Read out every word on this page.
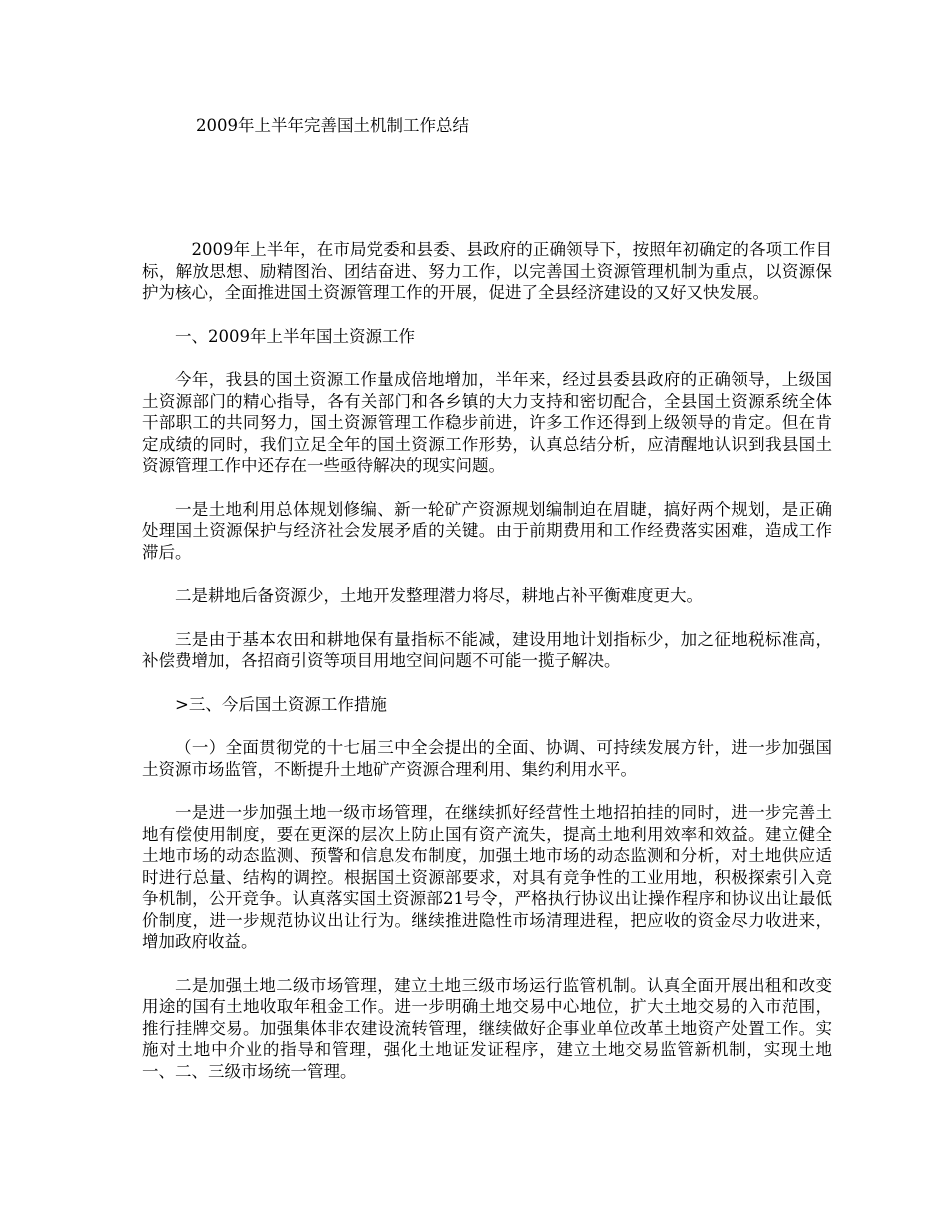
2009年上半年完善国土机制工作总结

2009年上半年，在市局党委和县委、县政府的正确领导下，按照年初确定的各项工作目标，解放思想、励精图治、团结奋进、努力工作，以完善国土资源管理机制为重点，以资源保护为核心，全面推进国土资源管理工作的开展，促进了全县经济建设的又好又快发展。

一、2009年上半年国土资源工作

今年，我县的国土资源工作量成倍地增加，半年来，经过县委县政府的正确领导，上级国土资源部门的精心指导，各有关部门和各乡镇的大力支持和密切配合，全县国土资源系统全体干部职工的共同努力，国土资源管理工作稳步前进，许多工作还得到上级领导的肯定。但在肯定成绩的同时，我们立足全年的国土资源工作形势，认真总结分析，应清醒地认识到我县国土资源管理工作中还存在一些亟待解决的现实问题。

一是土地利用总体规划修编、新一轮矿产资源规划编制迫在眉睫，搞好两个规划，是正确处理国土资源保护与经济社会发展矛盾的关键。由于前期费用和工作经费落实困难，造成工作滞后。

二是耕地后备资源少，土地开发整理潜力将尽，耕地占补平衡难度更大。

三是由于基本农田和耕地保有量指标不能减，建设用地计划指标少，加之征地税标准高，补偿费增加，各招商引资等项目用地空间问题不可能一揽子解决。

>三、今后国土资源工作措施

（一）全面贯彻党的十七届三中全会提出的全面、协调、可持续发展方针，进一步加强国土资源市场监管，不断提升土地矿产资源合理利用、集约利用水平。

一是进一步加强土地一级市场管理，在继续抓好经营性土地招拍挂的同时，进一步完善土地有偿使用制度，要在更深的层次上防止国有资产流失，提高土地利用效率和效益。建立健全土地市场的动态监测、预警和信息发布制度，加强土地市场的动态监测和分析，对土地供应适时进行总量、结构的调控。根据国土资源部要求，对具有竞争性的工业用地，积极探索引入竞争机制，公开竞争。认真落实国土资源部21号令，严格执行协议出让操作程序和协议出让最低价制度，进一步规范协议出让行为。继续推进隐性市场清理进程，把应收的资金尽力收进来，增加政府收益。

二是加强土地二级市场管理，建立土地三级市场运行监管机制。认真全面开展出租和改变用途的国有土地收取年租金工作。进一步明确土地交易中心地位，扩大土地交易的入市范围，推行挂牌交易。加强集体非农建设流转管理，继续做好企事业单位改革土地资产处置工作。实施对土地中介业的指导和管理，强化土地证发证程序，建立土地交易监管新机制，实现土地一、二、三级市场统一管理。
